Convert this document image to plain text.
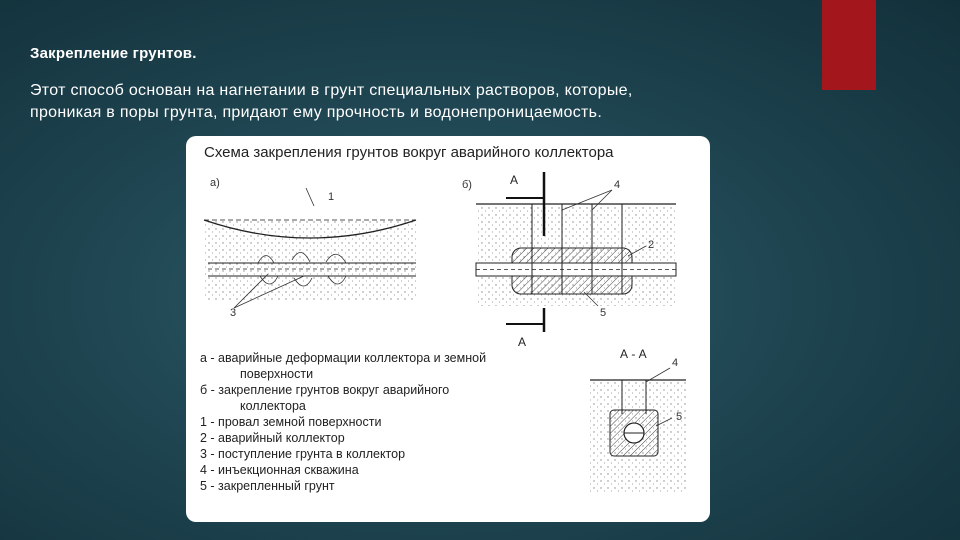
Закрепление грунтов.
Этот способ основан на нагнетании в грунт специальных растворов, которые,
проникая в поры грунта, придают ему прочность и водонепроницаемость.
Схема закрепления грунтов вокруг аварийного коллектора
а)
1
3
б)	А
А
4
2
5
А - А
4
5
а - аварийные деформации коллектора и земной
поверхности
б - закрепление грунтов вокруг аварийного
коллектора
1 - провал земной поверхности
2 - аварийный коллектор
3 - поступление грунта в коллектор
4 - инъекционная скважина
5 - закрепленный грунт
